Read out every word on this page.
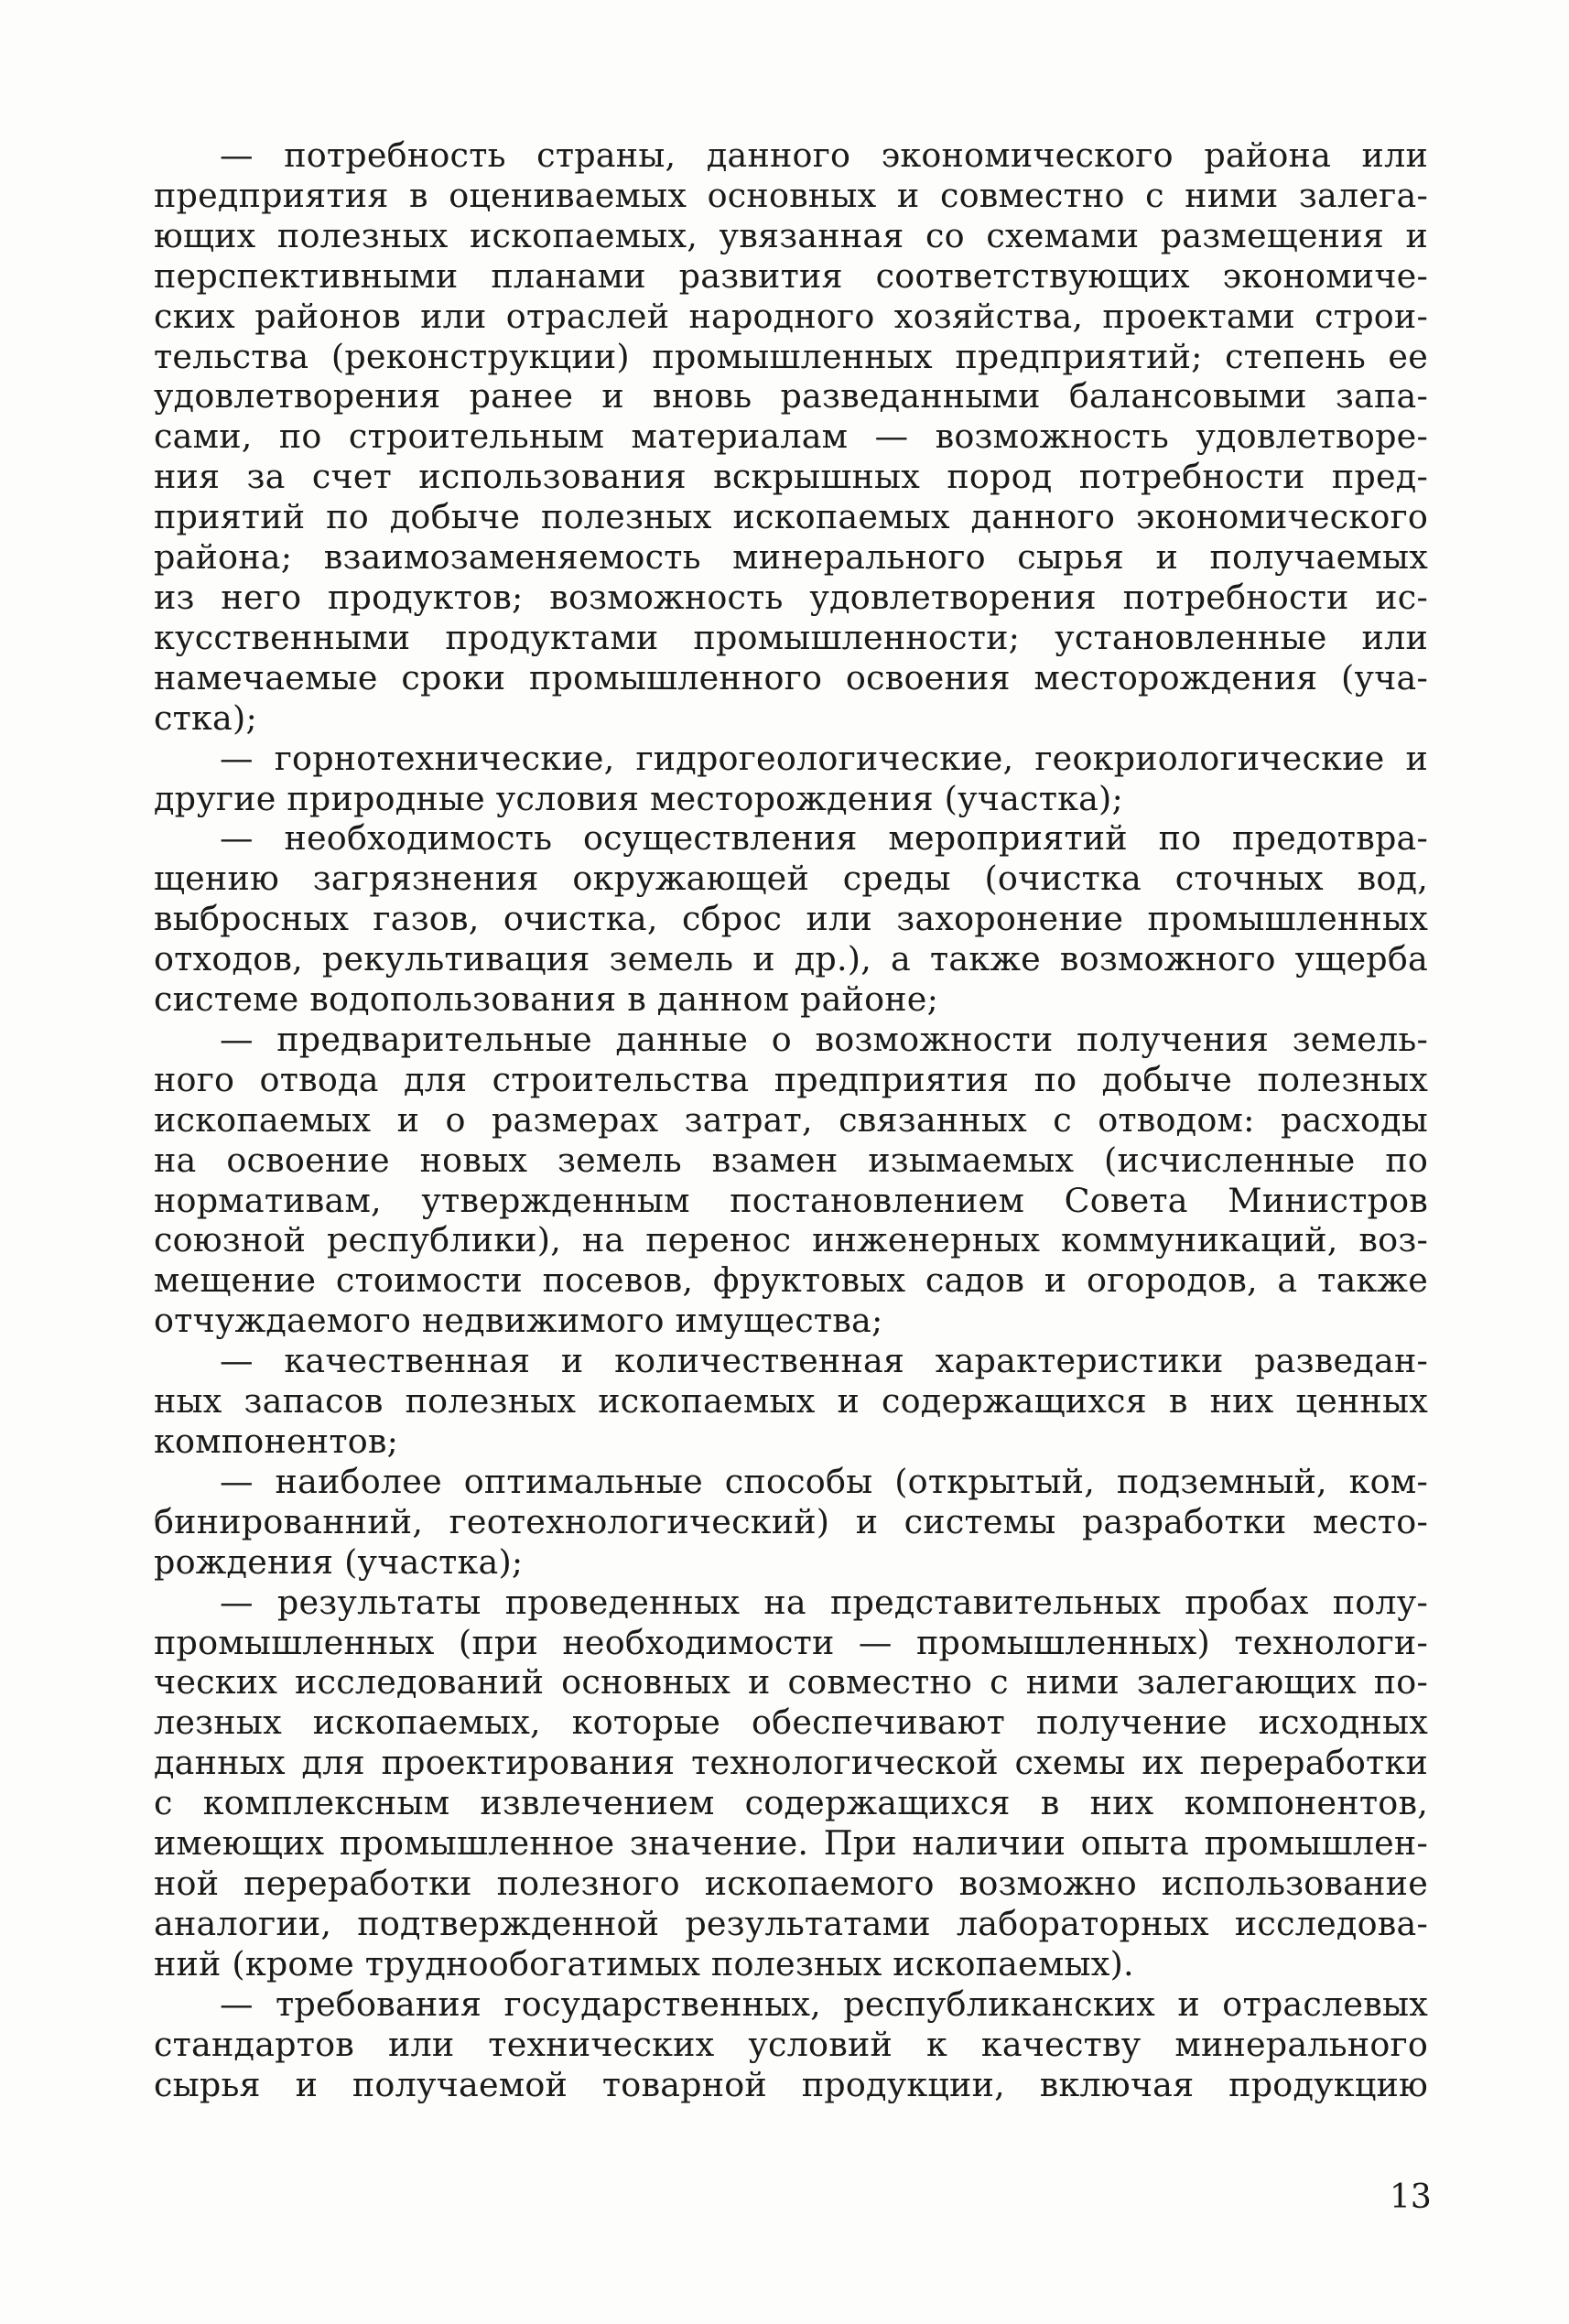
— потребность страны, данного экономического района или
предприятия в оцениваемых основных и совместно с ними залега-
ющих полезных ископаемых, увязанная со схемами размещения и
перспективными планами развития соответствующих экономиче-
ских районов или отраслей народного хозяйства, проектами строи-
тельства (реконструкции) промышленных предприятий; степень ее
удовлетворения ранее и вновь разведанными балансовыми запа-
сами, по строительным материалам — возможность удовлетворе-
ния за счет использования вскрышных пород потребности пред-
приятий по добыче полезных ископаемых данного экономического
района; взаимозаменяемость минерального сырья и получаемых
из него продуктов; возможность удовлетворения потребности ис-
кусственными продуктами промышленности; установленные или
намечаемые сроки промышленного освоения месторождения (уча-
стка);
— горнотехнические, гидрогеологические, геокриологические и
другие природные условия месторождения (участка);
— необходимость осуществления мероприятий по предотвра-
щению загрязнения окружающей среды (очистка сточных вод,
выбросных газов, очистка, сброс или захоронение промышленных
отходов, рекультивация земель и др.), а также возможного ущерба
системе водопользования в данном районе;
— предварительные данные о возможности получения земель-
ного отвода для строительства предприятия по добыче полезных
ископаемых и о размерах затрат, связанных с отводом: расходы
на освоение новых земель взамен изымаемых (исчисленные по
нормативам, утвержденным постановлением Совета Министров
союзной республики), на перенос инженерных коммуникаций, воз-
мещение стоимости посевов, фруктовых садов и огородов, а также
отчуждаемого недвижимого имущества;
— качественная и количественная характеристики разведан-
ных запасов полезных ископаемых и содержащихся в них ценных
компонентов;
— наиболее оптимальные способы (открытый, подземный, ком-
бинированний, геотехнологический) и системы разработки место-
рождения (участка);
— результаты проведенных на представительных пробах полу-
промышленных (при необходимости — промышленных) технологи-
ческих исследований основных и совместно с ними залегающих по-
лезных ископаемых, которые обеспечивают получение исходных
данных для проектирования технологической схемы их переработки
с комплексным извлечением содержащихся в них компонентов,
имеющих промышленное значение. При наличии опыта промышлен-
ной переработки полезного ископаемого возможно использование
аналогии, подтвержденной результатами лабораторных исследова-
ний (кроме труднообогатимых полезных ископаемых).
— требования государственных, республиканских и отраслевых
стандартов или технических условий к качеству минерального
сырья и получаемой товарной продукции, включая продукцию
13
